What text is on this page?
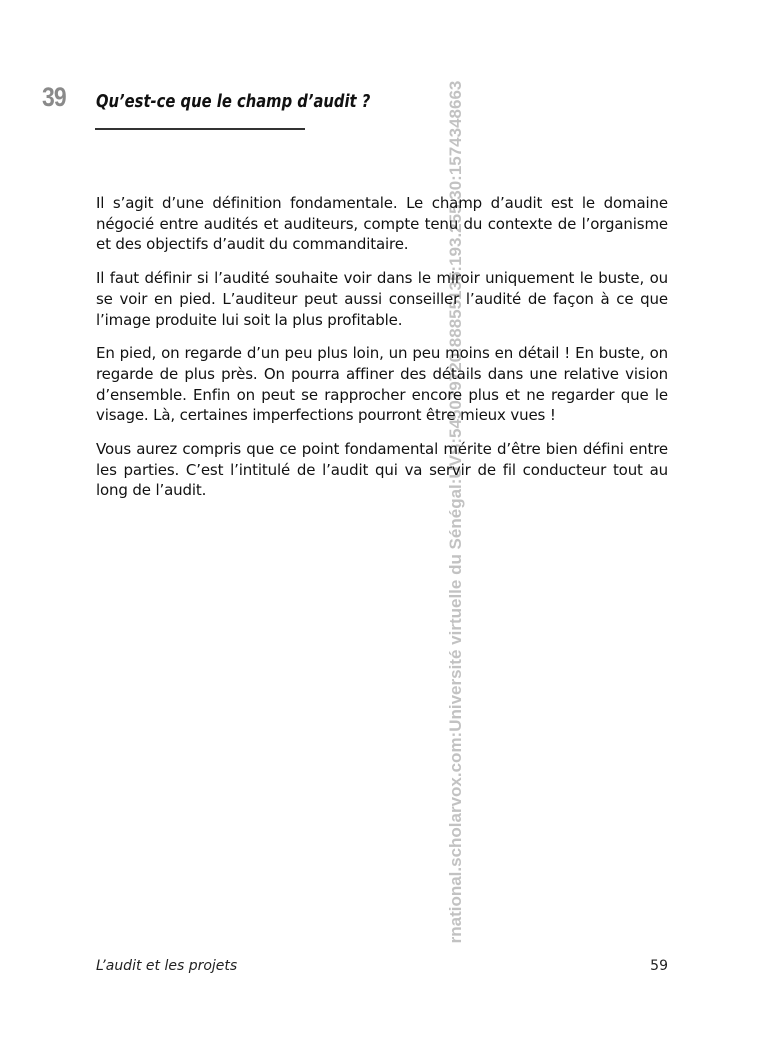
39 Qu’est-ce que le champ d’audit ?	rnational.scholarvox.com:Université virtuelle du Sénégal:UVS:545079720:88855135:193.255.30:1574348663

Il s’agit d’une définition fondamentale. Le champ d’audit est le domaine négocié entre audités et auditeurs, compte tenu du contexte de l’organisme et des objectifs d’audit du commanditaire.

Il faut définir si l’audité souhaite voir dans le miroir uniquement le buste, ou se voir en pied. L’auditeur peut aussi conseiller l’audité de façon à ce que l’image produite lui soit la plus profitable.

En pied, on regarde d’un peu plus loin, un peu moins en détail ! En buste, on regarde de plus près. On pourra affiner des détails dans une relative vision d’ensemble. Enfin on peut se rapprocher encore plus et ne regarder que le visage. Là, certaines imperfections pourront être mieux vues !

Vous aurez compris que ce point fondamental mérite d’être bien défini entre les parties. C’est l’intitulé de l’audit qui va servir de fil conducteur tout au long de l’audit.

L’audit et les projets	59
